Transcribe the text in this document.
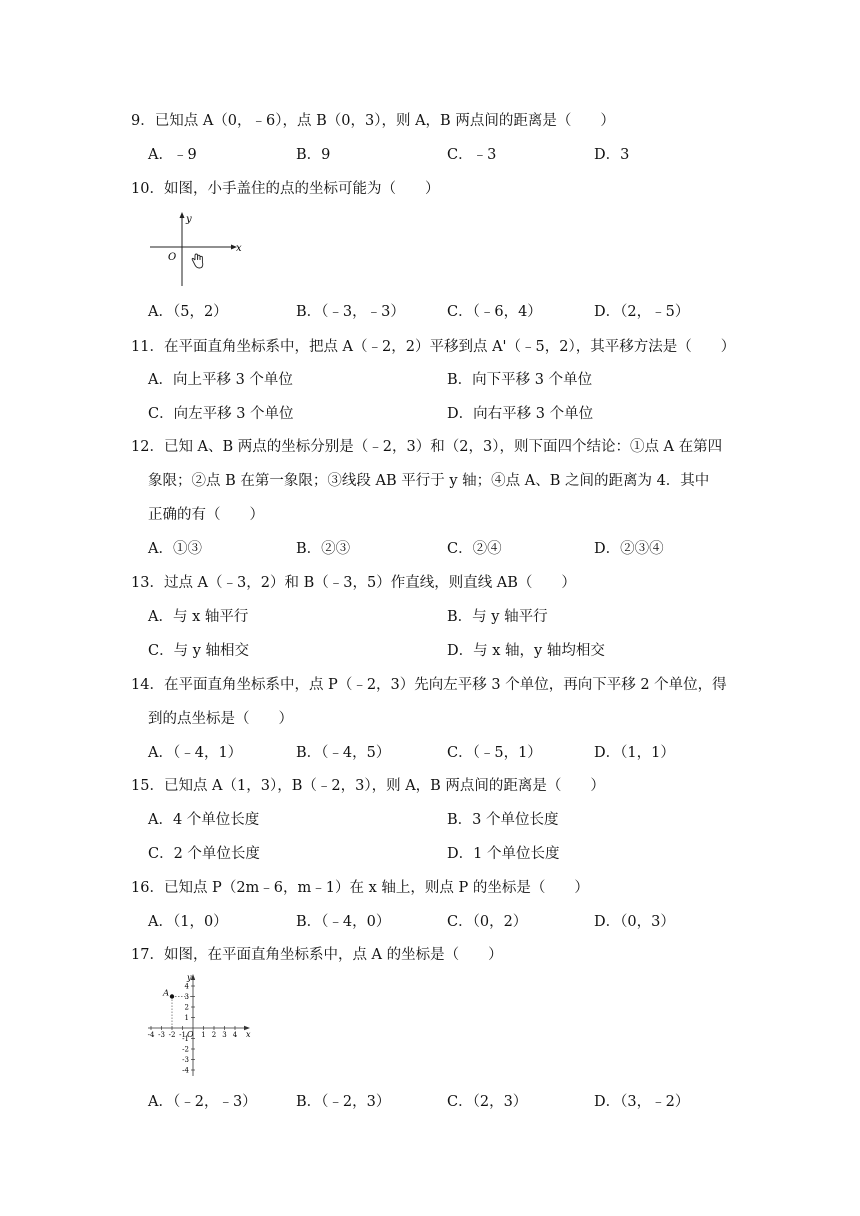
9．已知点 A（0，﹣6），点 B（0，3），则 A，B 两点间的距离是（　　）
A．﹣9	B．9	C．﹣3	D．3
10．如图，小手盖住的点的坐标可能为（　　）
y
x
O
A．（5，2）	B．（﹣3，﹣3）	C．（﹣6，4）	D．（2，﹣5）
11．在平面直角坐标系中，把点 A（﹣2，2）平移到点 A'（﹣5，2），其平移方法是（　　）
A．向上平移 3 个单位	B．向下平移 3 个单位
C．向左平移 3 个单位	D．向右平移 3 个单位
12．已知 A、B 两点的坐标分别是（﹣2，3）和（2，3），则下面四个结论：①点 A 在第四
象限；②点 B 在第一象限；③线段 AB 平行于 y 轴；④点 A、B 之间的距离为 4．其中
正确的有（　　）
A．①③	B．②③	C．②④	D．②③④
13．过点 A（﹣3，2）和 B（﹣3，5）作直线，则直线 AB（　　）
A．与 x 轴平行	B．与 y 轴平行
C．与 y 轴相交	D．与 x 轴，y 轴均相交
14．在平面直角坐标系中，点 P（﹣2，3）先向左平移 3 个单位，再向下平移 2 个单位，得
到的点坐标是（　　）
A．（﹣4，1）	B．（﹣4，5）	C．（﹣5，1）	D．（1，1）
15．已知点 A（1，3），B（﹣2，3），则 A，B 两点间的距离是（　　）
A．4 个单位长度	B．3 个单位长度
C．2 个单位长度	D．1 个单位长度
16．已知点 P（2m﹣6，m﹣1）在 x 轴上，则点 P 的坐标是（　　）
A．（1，0）	B．（﹣4，0）	C．（0，2）	D．（0，3）
17．如图，在平面直角坐标系中，点 A 的坐标是（　　）
-4 -3 -2 -1 1 2 3 4
4
3
2
1
-1
-2
-3
-4
y
x
O
A
A．（﹣2，﹣3）	B．（﹣2，3）	C．（2，3）	D．（3，﹣2）
